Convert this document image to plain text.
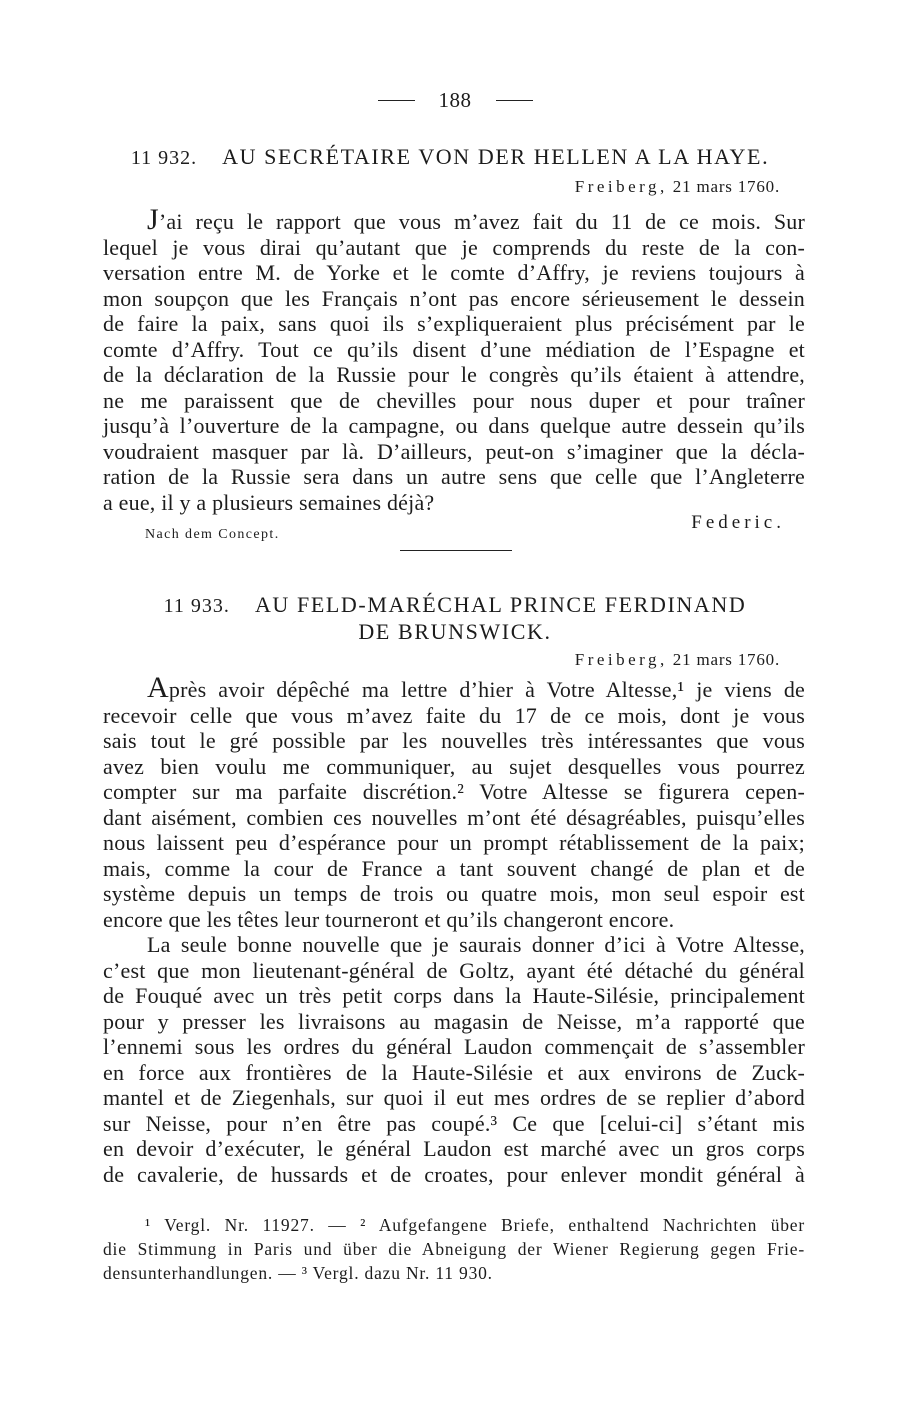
188
11 932. AU SECRÉTAIRE VON DER HELLEN A LA HAYE.
Freiberg, 21 mars 1760.
J’ai reçu le rapport que vous m’avez fait du 11 de ce mois. Sur
lequel je vous dirai qu’autant que je comprends du reste de la con-
versation entre M. de Yorke et le comte d’Affry, je reviens toujours à
mon soupçon que les Français n’ont pas encore sérieusement le dessein
de faire la paix, sans quoi ils s’expliqueraient plus précisément par le
comte d’Affry. Tout ce qu’ils disent d’une médiation de l’Espagne et
de la déclaration de la Russie pour le congrès qu’ils étaient à attendre,
ne me paraissent que de chevilles pour nous duper et pour traîner
jusqu’à l’ouverture de la campagne, ou dans quelque autre dessein qu’ils
voudraient masquer par là. D’ailleurs, peut-on s’imaginer que la décla-
ration de la Russie sera dans un autre sens que celle que l’Angleterre
a eue, il y a plusieurs semaines déjà?
Nach dem Concept.
Federic.
11 933. AU FELD-MARÉCHAL PRINCE FERDINAND
DE BRUNSWICK.
Freiberg, 21 mars 1760.
Après avoir dépêché ma lettre d’hier à Votre Altesse,¹ je viens de
recevoir celle que vous m’avez faite du 17 de ce mois, dont je vous
sais tout le gré possible par les nouvelles très intéressantes que vous
avez bien voulu me communiquer, au sujet desquelles vous pourrez
compter sur ma parfaite discrétion.² Votre Altesse se figurera cepen-
dant aisément, combien ces nouvelles m’ont été désagréables, puisqu’elles
nous laissent peu d’espérance pour un prompt rétablissement de la paix;
mais, comme la cour de France a tant souvent changé de plan et de
système depuis un temps de trois ou quatre mois, mon seul espoir est
encore que les têtes leur tourneront et qu’ils changeront encore.
La seule bonne nouvelle que je saurais donner d’ici à Votre Altesse,
c’est que mon lieutenant-général de Goltz, ayant été détaché du général
de Fouqué avec un très petit corps dans la Haute-Silésie, principalement
pour y presser les livraisons au magasin de Neisse, m’a rapporté que
l’ennemi sous les ordres du général Laudon commençait de s’assembler
en force aux frontières de la Haute-Silésie et aux environs de Zuck-
mantel et de Ziegenhals, sur quoi il eut mes ordres de se replier d’abord
sur Neisse, pour n’en être pas coupé.³ Ce que [celui-ci] s’étant mis
en devoir d’exécuter, le général Laudon est marché avec un gros corps
de cavalerie, de hussards et de croates, pour enlever mondit général à
¹ Vergl. Nr. 11927. — ² Aufgefangene Briefe, enthaltend Nachrichten über
die Stimmung in Paris und über die Abneigung der Wiener Regierung gegen Frie-
densunterhandlungen. — ³ Vergl. dazu Nr. 11 930.
